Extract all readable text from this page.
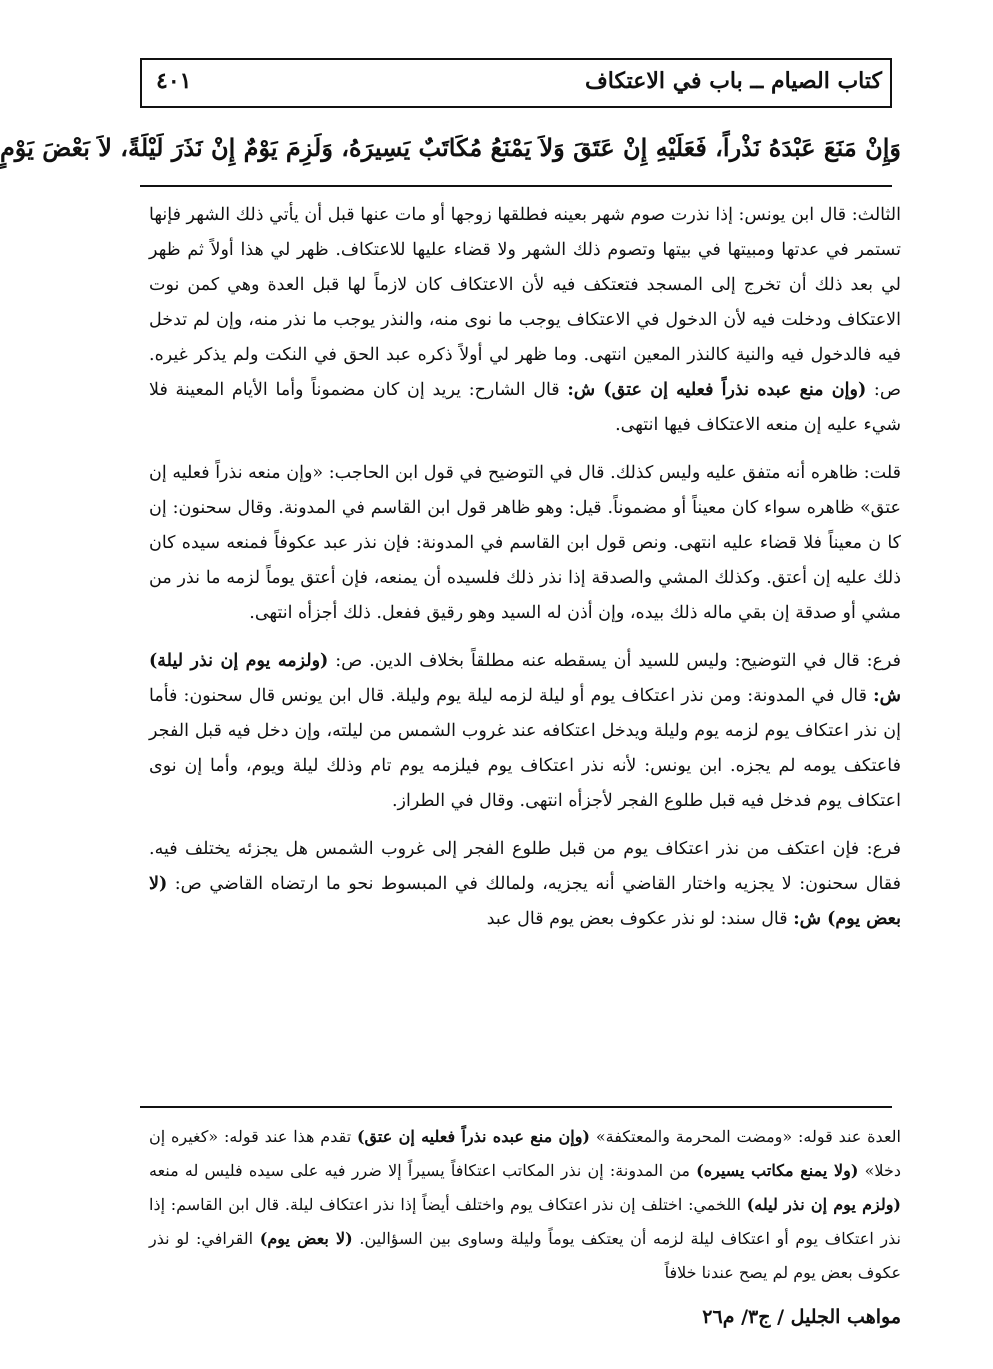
كتاب الصيام ــ باب في الاعتكاف
٤٠١
وَإِنْ مَنَعَ عَبْدَهُ نَذْراً، فَعَلَيْهِ إِنْ عَتَقَ وَلاَ يَمْنَعُ مُكَاتَبٌ يَسِيرَهُ، وَلَزِمَ يَوْمٌ إِنْ نَذَرَ لَيْلَةً، لاَ بَعْضَ يَوْمٍ

الثالث: قال ابن يونس: إذا نذرت صوم شهر بعينه فطلقها زوجها أو مات عنها قبل أن يأتي ذلك الشهر فإنها تستمر في عدتها ومبيتها في بيتها وتصوم ذلك الشهر ولا قضاء عليها للاعتكاف. ظهر لي هذا أولاً ثم ظهر لي بعد ذلك أن تخرج إلى المسجد فتعتكف فيه لأن الاعتكاف كان لازماً لها قبل العدة وهي كمن نوت الاعتكاف ودخلت فيه لأن الدخول في الاعتكاف يوجب ما نوى منه، والنذر يوجب ما نذر منه، وإن لم تدخل فيه فالدخول فيه والنية كالنذر المعين انتهى. وما ظهر لي أولاً ذكره عبد الحق في النكت ولم يذكر غيره. ص: (وإن منع عبده نذراً فعليه إن عتق) ش: قال الشارح: يريد إن كان مضموناً وأما الأيام المعينة فلا شيء عليه إن منعه الاعتكاف فيها انتهى.

قلت: ظاهره أنه متفق عليه وليس كذلك. قال في التوضيح في قول ابن الحاجب: «وإن منعه نذراً فعليه إن عتق» ظاهره سواء كان معيناً أو مضموناً. قيل: وهو ظاهر قول ابن القاسم في المدونة. وقال سحنون: إن كا ن معيناً فلا قضاء عليه انتهى. ونص قول ابن القاسم في المدونة: فإن نذر عبد عكوفاً فمنعه سيده كان ذلك عليه إن أعتق. وكذلك المشي والصدقة إذا نذر ذلك فلسيده أن يمنعه، فإن أعتق يوماً لزمه ما نذر من مشي أو صدقة إن بقي ماله ذلك بيده، وإن أذن له السيد وهو رقيق ففعل. ذلك أجزأه انتهى.

فرع: قال في التوضيح: وليس للسيد أن يسقطه عنه مطلقاً بخلاف الدين. ص: (ولزمه يوم إن نذر ليلة) ش: قال في المدونة: ومن نذر اعتكاف يوم أو ليلة لزمه ليلة يوم وليلة. قال ابن يونس قال سحنون: فأما إن نذر اعتكاف يوم لزمه يوم وليلة ويدخل اعتكافه عند غروب الشمس من ليلته، وإن دخل فيه قبل الفجر فاعتكف يومه لم يجزه. ابن يونس: لأنه نذر اعتكاف يوم فيلزمه يوم تام وذلك ليلة ويوم، وأما إن نوى اعتكاف يوم فدخل فيه قبل طلوع الفجر لأجزأه انتهى. وقال في الطراز.

فرع: فإن اعتكف من نذر اعتكاف يوم من قبل طلوع الفجر إلى غروب الشمس هل يجزئه يختلف فيه. فقال سحنون: لا يجزيه واختار القاضي أنه يجزيه، ولمالك في المبسوط نحو ما ارتضاه القاضي ص: (لا بعض يوم) ش: قال سند: لو نذر عكوف بعض يوم قال عبد

العدة عند قوله: «ومضت المحرمة والمعتكفة» (وإن منع عبده نذراً فعليه إن عتق) تقدم هذا عند قوله: «كغيره إن دخلا» (ولا يمنع مكاتب يسيره) من المدونة: إن نذر المكاتب اعتكافاً يسيراً إلا ضرر فيه على سيده فليس له منعه (ولزم يوم إن نذر ليله) اللخمي: اختلف إن نذر اعتكاف يوم واختلف أيضاً إذا نذر اعتكاف ليلة. قال ابن القاسم: إذا نذر اعتكاف يوم أو اعتكاف ليلة لزمه أن يعتكف يوماً وليلة وساوى بين السؤالين. (لا بعض يوم) القرافي: لو نذر عكوف بعض يوم لم يصح عندنا خلافاً
مواهب الجليل / ج٣/ م٢٦
